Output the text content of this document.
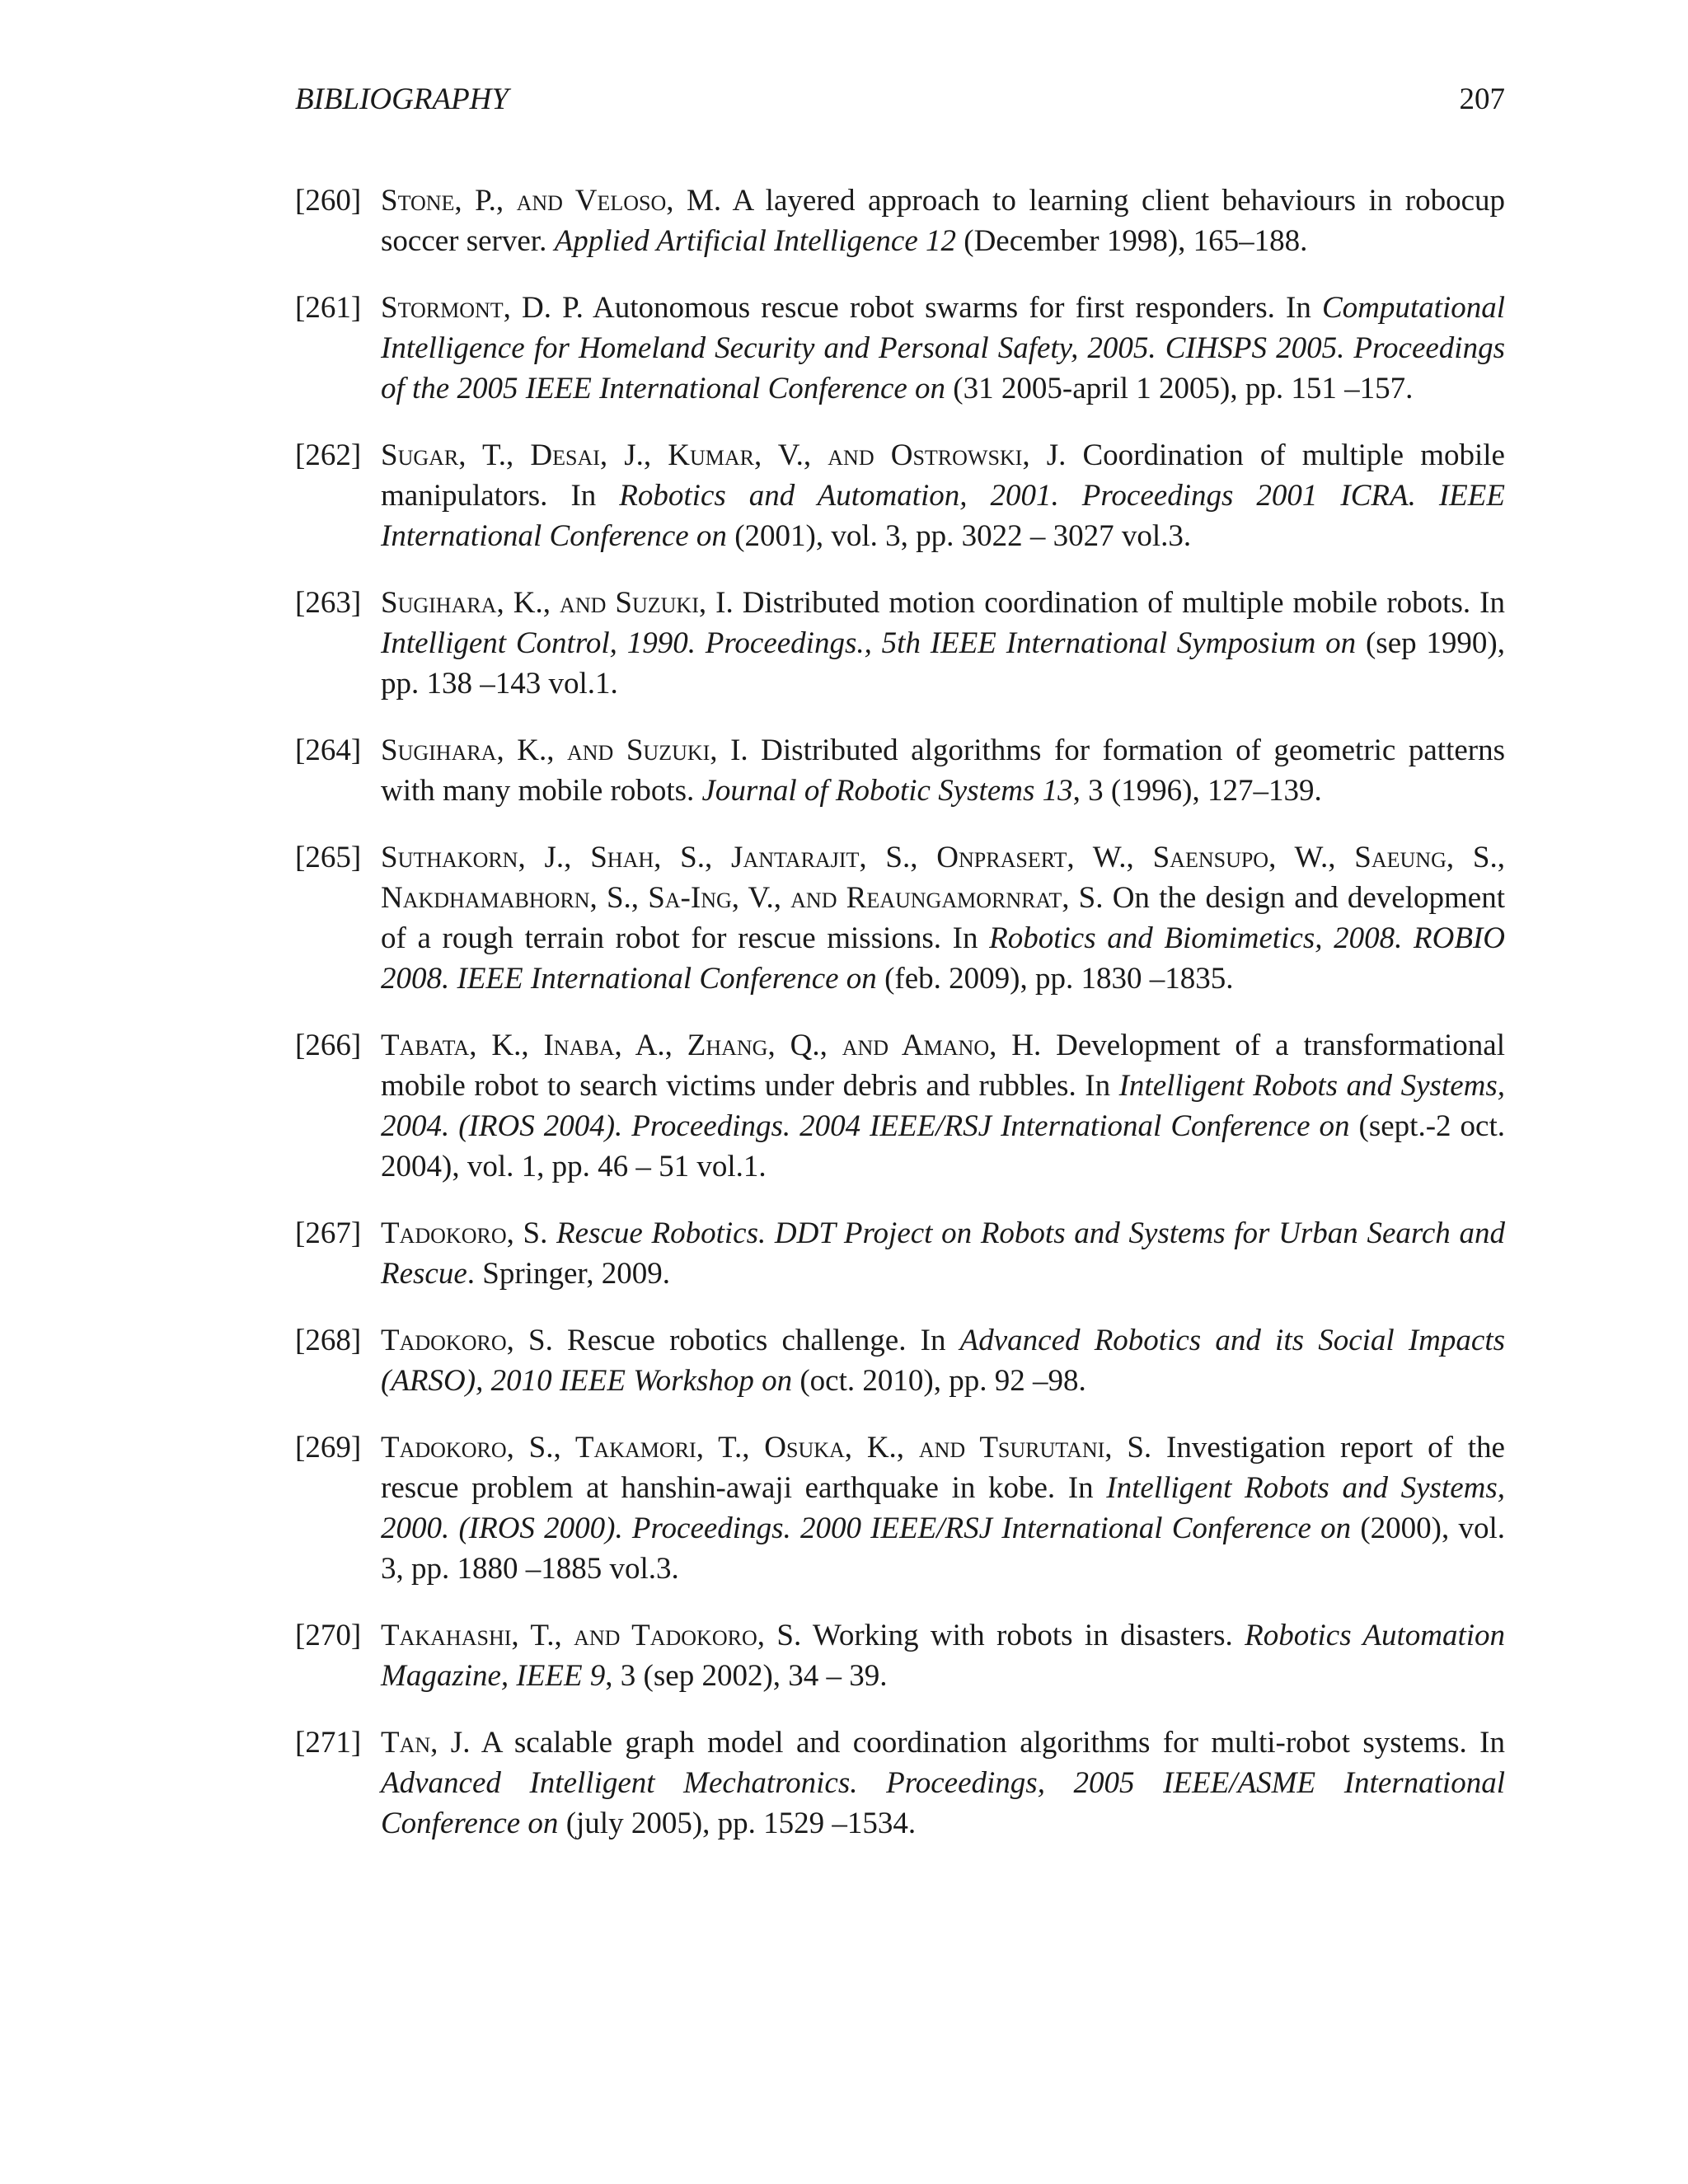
BIBLIOGRAPHY	207
[260] Stone, P., and Veloso, M. A layered approach to learning client behaviours in robocup soccer server. Applied Artificial Intelligence 12 (December 1998), 165–188.
[261] Stormont, D. P. Autonomous rescue robot swarms for first responders. In Computational Intelligence for Homeland Security and Personal Safety, 2005. CIHSPS 2005. Proceedings of the 2005 IEEE International Conference on (31 2005-april 1 2005), pp. 151 –157.
[262] Sugar, T., Desai, J., Kumar, V., and Ostrowski, J. Coordination of multiple mobile manipulators. In Robotics and Automation, 2001. Proceedings 2001 ICRA. IEEE International Conference on (2001), vol. 3, pp. 3022 – 3027 vol.3.
[263] Sugihara, K., and Suzuki, I. Distributed motion coordination of multiple mobile robots. In Intelligent Control, 1990. Proceedings., 5th IEEE International Symposium on (sep 1990), pp. 138 –143 vol.1.
[264] Sugihara, K., and Suzuki, I. Distributed algorithms for formation of geometric patterns with many mobile robots. Journal of Robotic Systems 13, 3 (1996), 127–139.
[265] Suthakorn, J., Shah, S., Jantarajit, S., Onprasert, W., Saensupo, W., Saeung, S., Nakdhamabhorn, S., Sa-Ing, V., and Reaungamornrat, S. On the design and development of a rough terrain robot for rescue missions. In Robotics and Biomimetics, 2008. ROBIO 2008. IEEE International Conference on (feb. 2009), pp. 1830 –1835.
[266] Tabata, K., Inaba, A., Zhang, Q., and Amano, H. Development of a transformational mobile robot to search victims under debris and rubbles. In Intelligent Robots and Systems, 2004. (IROS 2004). Proceedings. 2004 IEEE/RSJ International Conference on (sept.-2 oct. 2004), vol. 1, pp. 46 – 51 vol.1.
[267] Tadokoro, S. Rescue Robotics. DDT Project on Robots and Systems for Urban Search and Rescue. Springer, 2009.
[268] Tadokoro, S. Rescue robotics challenge. In Advanced Robotics and its Social Impacts (ARSO), 2010 IEEE Workshop on (oct. 2010), pp. 92 –98.
[269] Tadokoro, S., Takamori, T., Osuka, K., and Tsurutani, S. Investigation report of the rescue problem at hanshin-awaji earthquake in kobe. In Intelligent Robots and Systems, 2000. (IROS 2000). Proceedings. 2000 IEEE/RSJ International Conference on (2000), vol. 3, pp. 1880 –1885 vol.3.
[270] Takahashi, T., and Tadokoro, S. Working with robots in disasters. Robotics Automation Magazine, IEEE 9, 3 (sep 2002), 34 – 39.
[271] Tan, J. A scalable graph model and coordination algorithms for multi-robot systems. In Advanced Intelligent Mechatronics. Proceedings, 2005 IEEE/ASME International Conference on (july 2005), pp. 1529 –1534.
